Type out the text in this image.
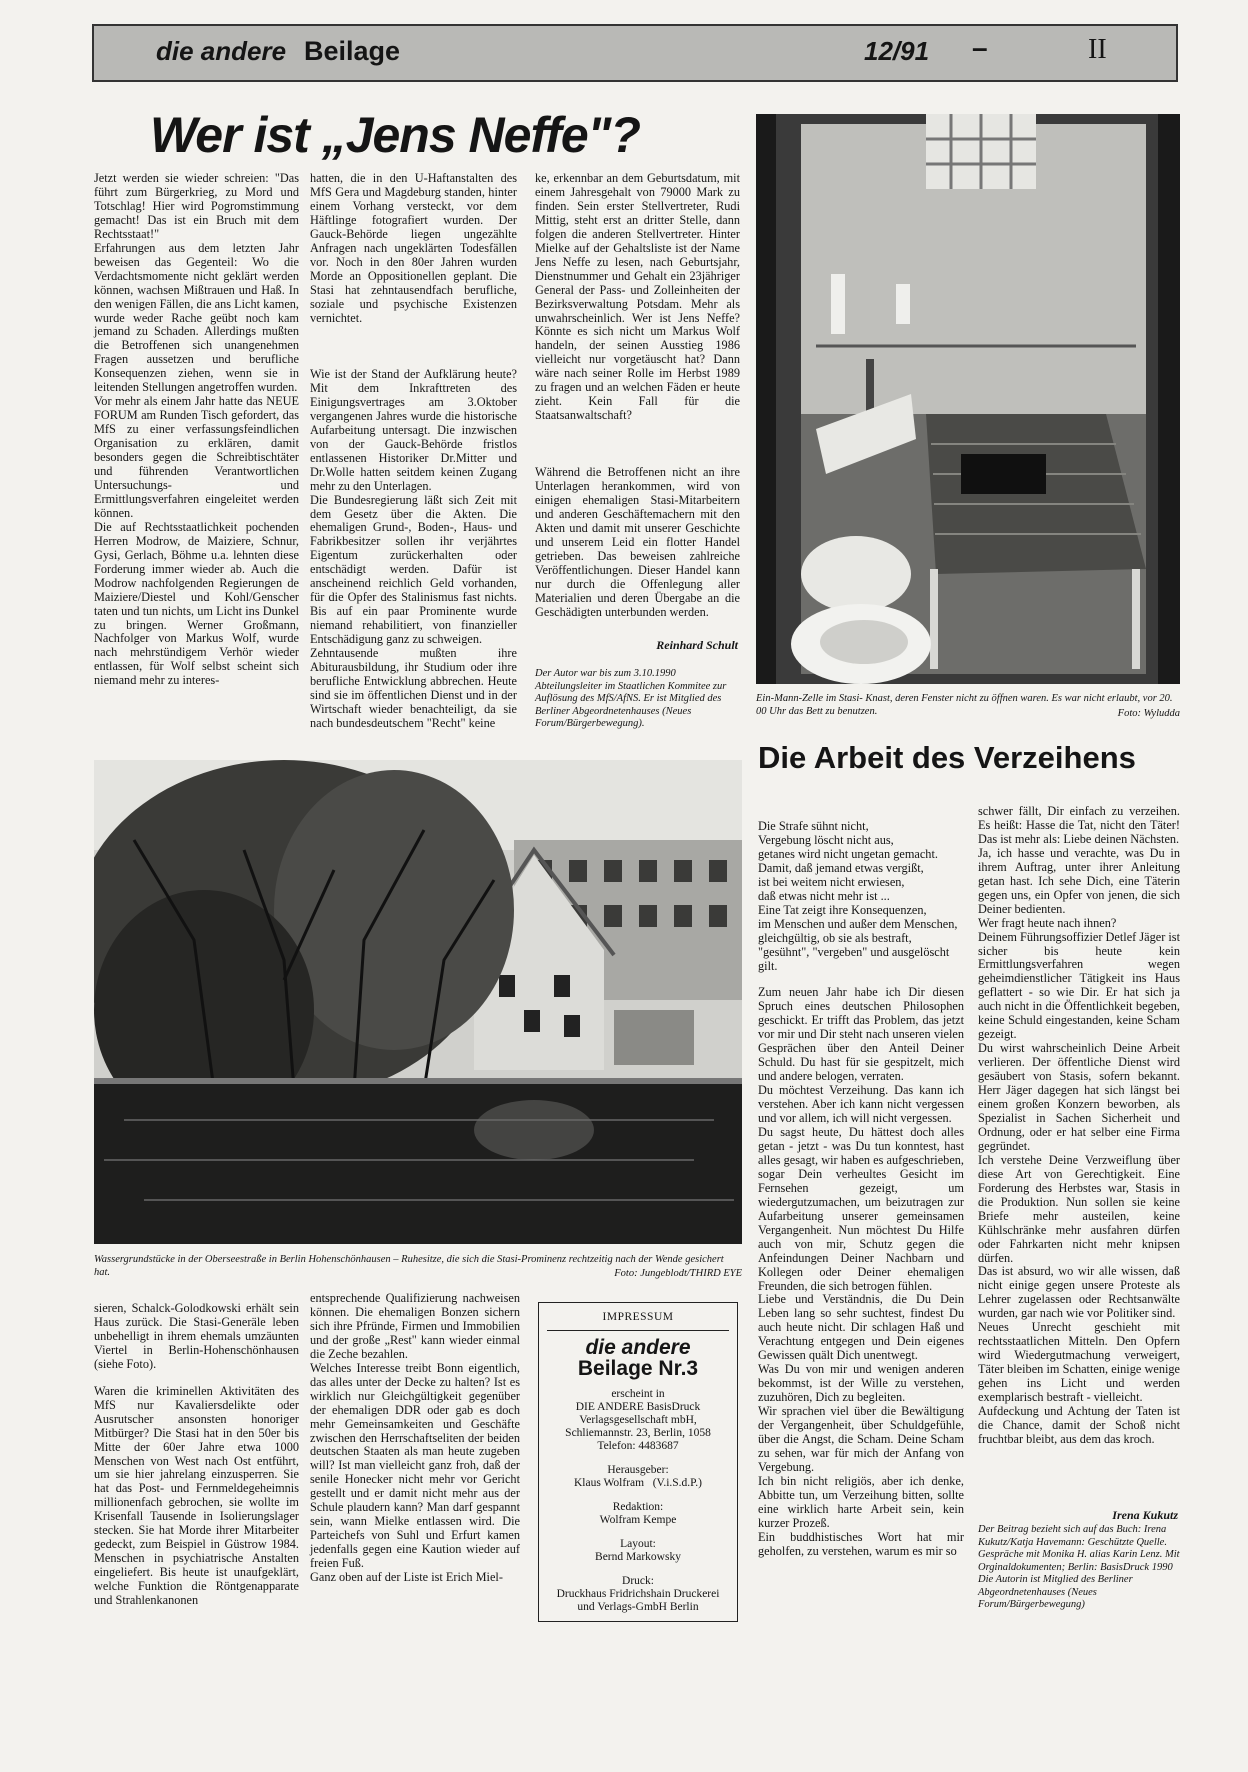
die andere Beilage	12/91 –	II
Wer ist „Jens Neffe"?

Jetzt werden sie wieder schreien: "Das führt zum Bürgerkrieg, zu Mord und Totschlag! Hier wird Pogromstimmung gemacht! Das ist ein Bruch mit dem Rechtsstaat!"

Erfahrungen aus dem letzten Jahr beweisen das Gegenteil: Wo die Verdachtsmomente nicht geklärt werden können, wachsen Mißtrauen und Haß. In den wenigen Fällen, die ans Licht kamen, wurde weder Rache geübt noch kam jemand zu Schaden. Allerdings mußten die Betroffenen sich unangenehmen Fragen aussetzen und berufliche Konsequenzen ziehen, wenn sie in leitenden Stellungen angetroffen wurden.

Vor mehr als einem Jahr hatte das NEUE FORUM am Runden Tisch gefordert, das MfS zu einer verfassungsfeindlichen Organisation zu erklären, damit besonders gegen die Schreibtischtäter und führenden Verantwortlichen Untersuchungs- und Ermittlungsverfahren eingeleitet werden können.

Die auf Rechtsstaatlichkeit pochenden Herren Modrow, de Maiziere, Schnur, Gysi, Gerlach, Böhme u.a. lehnten diese Forderung immer wieder ab. Auch die Modrow nachfolgenden Regierungen de Maiziere/Diestel und Kohl/Genscher taten und tun nichts, um Licht ins Dunkel zu bringen. Werner Großmann, Nachfolger von Markus Wolf, wurde nach mehrstündigem Verhör wieder entlassen, für Wolf selbst scheint sich niemand mehr zu interes-

hatten, die in den U-Haftanstalten des MfS Gera und Magdeburg standen, hinter einem Vorhang versteckt, vor dem Häftlinge fotografiert wurden. Der Gauck-Behörde liegen ungezählte Anfragen nach ungeklärten Todesfällen vor. Noch in den 80er Jahren wurden Morde an Oppositionellen geplant. Die Stasi hat zehntausendfach berufliche, soziale und psychische Existenzen vernichtet.

Wie ist der Stand der Aufklärung heute? Mit dem Inkrafttreten des Einigungsvertrages am 3.Oktober vergangenen Jahres wurde die historische Aufarbeitung untersagt. Die inzwischen von der Gauck-Behörde fristlos entlassenen Historiker Dr.Mitter und Dr.Wolle hatten seitdem keinen Zugang mehr zu den Unterlagen.

Die Bundesregierung läßt sich Zeit mit dem Gesetz über die Akten. Die ehemaligen Grund-, Boden-, Haus- und Fabrikbesitzer sollen ihr verjährtes Eigentum zurückerhalten oder entschädigt werden. Dafür ist anscheinend reichlich Geld vorhanden, für die Opfer des Stalinismus fast nichts. Bis auf ein paar Prominente wurde niemand rehabilitiert, von finanzieller Entschädigung ganz zu schweigen.

Zehntausende mußten ihre Abiturausbildung, ihr Studium oder ihre berufliche Entwicklung abbrechen. Heute sind sie im öffentlichen Dienst und in der Wirtschaft wieder benachteiligt, da sie nach bundesdeutschem "Recht" keine

ke, erkennbar an dem Geburtsdatum, mit einem Jahresgehalt von 79000 Mark zu finden. Sein erster Stellvertreter, Rudi Mittig, steht erst an dritter Stelle, dann folgen die anderen Stellvertreter. Hinter Mielke auf der Gehaltsliste ist der Name Jens Neffe zu lesen, nach Geburtsjahr, Dienstnummer und Gehalt ein 23jähriger General der Pass- und Zolleinheiten der Bezirksverwaltung Potsdam. Mehr als unwahrscheinlich. Wer ist Jens Neffe? Könnte es sich nicht um Markus Wolf handeln, der seinen Ausstieg 1986 vielleicht nur vorgetäuscht hat? Dann wäre nach seiner Rolle im Herbst 1989 zu fragen und an welchen Fäden er heute zieht. Kein Fall für die Staatsanwaltschaft?

Während die Betroffenen nicht an ihre Unterlagen herankommen, wird von einigen ehemaligen Stasi-Mitarbeitern und anderen Geschäftemachern mit den Akten und damit mit unserer Geschichte und unserem Leid ein flotter Handel getrieben. Das beweisen zahlreiche Veröffentlichungen. Dieser Handel kann nur durch die Offenlegung aller Materialien und deren Übergabe an die Geschädigten unterbunden werden.

Reinhard Schult
Der Autor war bis zum 3.10.1990 Abteilungsleiter im Staatlichen Kommitee zur Auflösung des MfS/AfNS. Er ist Mitglied des Berliner Abgeordnetenhauses (Neues Forum/Bürgerbewegung).
Ein-Mann-Zelle im Stasi- Knast, deren Fenster nicht zu öffnen waren. Es war nicht erlaubt, vor 20. 00 Uhr das Bett zu benutzen.	Foto: Wyludda
Wassergrundstücke in der Oberseestraße in Berlin Hohenschönhausen – Ruhesitze, die sich die Stasi-Prominenz rechtzeitig nach der Wende gesichert hat.	Foto: Jungeblodt/THIRD EYE

sieren, Schalck-Golodkowski erhält sein Haus zurück. Die Stasi-Generäle leben unbehelligt in ihrem ehemals umzäunten Viertel in Berlin-Hohenschönhausen (siehe Foto).

Waren die kriminellen Aktivitäten des MfS nur Kavaliersdelikte oder Ausrutscher ansonsten honoriger Mitbürger? Die Stasi hat in den 50er bis Mitte der 60er Jahre etwa 1000 Menschen von West nach Ost entführt, um sie hier jahrelang einzusperren. Sie hat das Post- und Fernmeldegeheimnis millionenfach gebrochen, sie wollte im Krisenfall Tausende in Isolierungslager stecken. Sie hat Morde ihrer Mitarbeiter gedeckt, zum Beispiel in Güstrow 1984. Menschen in psychiatrische Anstalten eingeliefert. Bis heute ist unaufgeklärt, welche Funktion die Röntgenapparate und Strahlenkanonen

entsprechende Qualifizierung nachweisen können. Die ehemaligen Bonzen sichern sich ihre Pfründe, Firmen und Immobilien und der große „Rest" kann wieder einmal die Zeche bezahlen.

Welches Interesse treibt Bonn eigentlich, das alles unter der Decke zu halten? Ist es wirklich nur Gleichgültigkeit gegenüber der ehemaligen DDR oder gab es doch mehr Gemeinsamkeiten und Geschäfte zwischen den Herrschaftseliten der beiden deutschen Staaten als man heute zugeben will? Ist man vielleicht ganz froh, daß der senile Honecker nicht mehr vor Gericht gestellt und er damit nicht mehr aus der Schule plaudern kann? Man darf gespannt sein, wann Mielke entlassen wird. Die Parteichefs von Suhl und Erfurt kamen jedenfalls gegen eine Kaution wieder auf freien Fuß.

Ganz oben auf der Liste ist Erich Miel-

IMPRESSUM
die andere
Beilage Nr.3
erscheint in
DIE ANDERE BasisDruck
Verlagsgesellschaft mbH,
Schliemannstr. 23, Berlin, 1058
Telefon: 4483687
Herausgeber:
Klaus Wolfram   (V.i.S.d.P.)
Redaktion:
Wolfram Kempe
Layout:
Bernd Markowsky
Druck:
Druckhaus Fridrichshain Druckerei
und Verlags-GmbH Berlin
Die Arbeit des Verzeihens

Die Strafe sühnt nicht,
Vergebung löscht nicht aus,
getanes wird nicht ungetan gemacht.
Damit, daß jemand etwas vergißt,
ist bei weitem nicht erwiesen,
daß etwas nicht mehr ist ...
Eine Tat zeigt ihre Konsequenzen,
im Menschen und außer dem Menschen,
gleichgültig, ob sie als bestraft,
"gesühnt", "vergeben" und ausgelöscht
gilt.

Zum neuen Jahr habe ich Dir diesen Spruch eines deutschen Philosophen geschickt. Er trifft das Problem, das jetzt vor mir und Dir steht nach unseren vielen Gesprächen über den Anteil Deiner Schuld. Du hast für sie gespitzelt, mich und andere belogen, verraten.

Du möchtest Verzeihung. Das kann ich verstehen. Aber ich kann nicht vergessen und vor allem, ich will nicht vergessen.

Du sagst heute, Du hättest doch alles getan - jetzt - was Du tun konntest, hast alles gesagt, wir haben es aufgeschrieben, sogar Dein verheultes Gesicht im Fernsehen gezeigt, um wiedergutzumachen, um beizutragen zur Aufarbeitung unserer gemeinsamen Vergangenheit. Nun möchtest Du Hilfe auch von mir, Schutz gegen die Anfeindungen Deiner Nachbarn und Kollegen oder Deiner ehemaligen Freunden, die sich betrogen fühlen.

Liebe und Verständnis, die Du Dein Leben lang so sehr suchtest, findest Du auch heute nicht. Dir schlagen Haß und Verachtung entgegen und Dein eigenes Gewissen quält Dich unentwegt.

Was Du von mir und wenigen anderen bekommst, ist der Wille zu verstehen, zuzuhören, Dich zu begleiten.

Wir sprachen viel über die Bewältigung der Vergangenheit, über Schuldgefühle, über die Angst, die Scham. Deine Scham zu sehen, war für mich der Anfang von Vergebung.

Ich bin nicht religiös, aber ich denke, Abbitte tun, um Verzeihung bitten, sollte eine wirklich harte Arbeit sein, kein kurzer Prozeß.

Ein buddhistisches Wort hat mir geholfen, zu verstehen, warum es mir so

schwer fällt, Dir einfach zu verzeihen. Es heißt: Hasse die Tat, nicht den Täter! Das ist mehr als: Liebe deinen Nächsten.

Ja, ich hasse und verachte, was Du in ihrem Auftrag, unter ihrer Anleitung getan hast. Ich sehe Dich, eine Täterin gegen uns, ein Opfer von jenen, die sich Deiner bedienten.

Wer fragt heute nach ihnen?

Deinem Führungsoffizier Detlef Jäger ist sicher bis heute kein Ermittlungsverfahren wegen geheimdienstlicher Tätigkeit ins Haus geflattert - so wie Dir. Er hat sich ja auch nicht in die Öffentlichkeit begeben, keine Schuld eingestanden, keine Scham gezeigt.

Du wirst wahrscheinlich Deine Arbeit verlieren. Der öffentliche Dienst wird gesäubert von Stasis, sofern bekannt. Herr Jäger dagegen hat sich längst bei einem großen Konzern beworben, als Spezialist in Sachen Sicherheit und Ordnung, oder er hat selber eine Firma gegründet.

Ich verstehe Deine Verzweiflung über diese Art von Gerechtigkeit. Eine Forderung des Herbstes war, Stasis in die Produktion. Nun sollen sie keine Briefe mehr austeilen, keine Kühlschränke mehr ausfahren dürfen oder Fahrkarten nicht mehr knipsen dürfen.

Das ist absurd, wo wir alle wissen, daß nicht einige gegen unsere Proteste als Lehrer zugelassen oder Rechtsanwälte wurden, gar nach wie vor Politiker sind.

Neues Unrecht geschieht mit rechtsstaatlichen Mitteln. Den Opfern wird Wiedergutmachung verweigert, Täter bleiben im Schatten, einige wenige gehen ins Licht und werden exemplarisch bestraft - vielleicht.

Aufdeckung und Achtung der Taten ist die Chance, damit der Schoß nicht fruchtbar bleibt, aus dem das kroch.

Irena Kukutz
Der Beitrag bezieht sich auf das Buch: Irena Kukutz/Katja Havemann: Geschützte Quelle. Gespräche mit Monika H. alias Karin Lenz. Mit Orginaldokumenten; Berlin: BasisDruck 1990
Die Autorin ist Mitglied des Berliner Abgeordnetenhauses (Neues Forum/Bürgerbewegung)
